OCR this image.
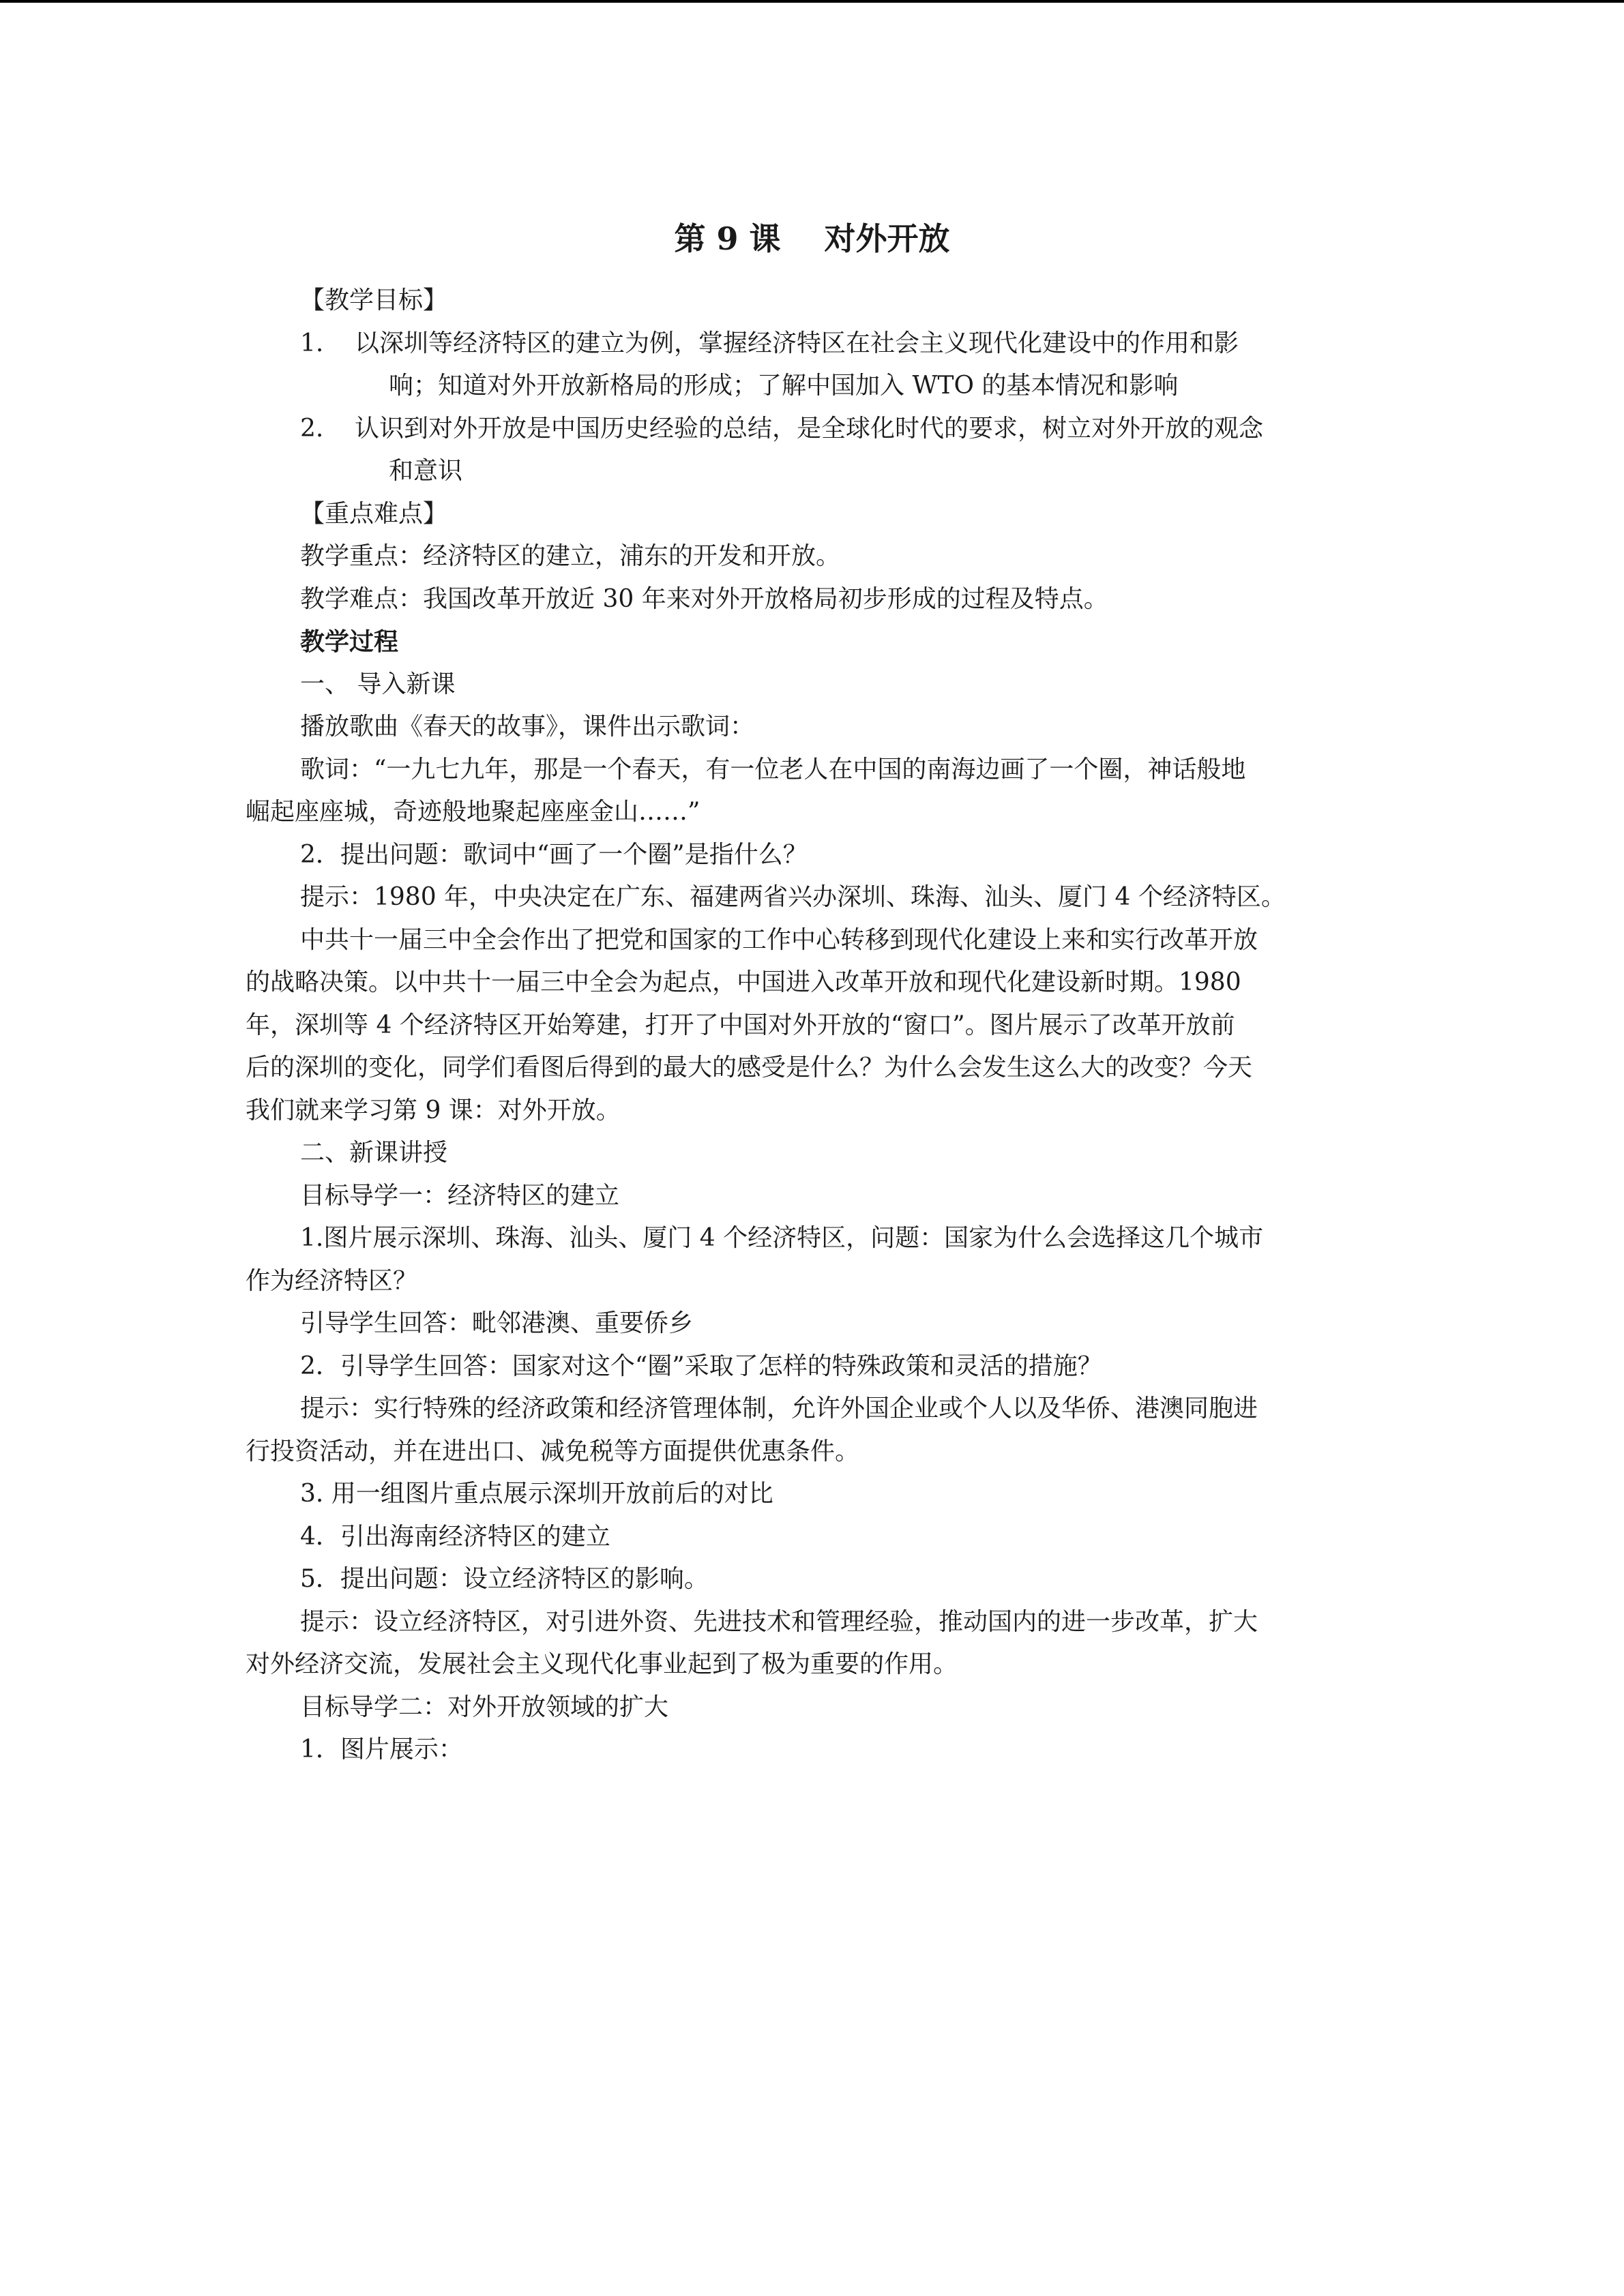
第 9 课    对外开放
【教学目标】
1. 以深圳等经济特区的建立为例，掌握经济特区在社会主义现代化建设中的作用和影
响；知道对外开放新格局的形成；了解中国加入 WTO 的基本情况和影响
2. 认识到对外开放是中国历史经验的总结，是全球化时代的要求，树立对外开放的观念
和意识
【重点难点】
教学重点：经济特区的建立，浦东的开发和开放。
教学难点：我国改革开放近 30 年来对外开放格局初步形成的过程及特点。
教学过程
一、 导入新课
播放歌曲《春天的故事》，课件出示歌词：
歌词：“一九七九年，那是一个春天，有一位老人在中国的南海边画了一个圈，神话般地
崛起座座城，奇迹般地聚起座座金山……”
2．提出问题：歌词中“画了一个圈”是指什么？
提示：1980 年，中央决定在广东、福建两省兴办深圳、珠海、汕头、厦门 4 个经济特区。
中共十一届三中全会作出了把党和国家的工作中心转移到现代化建设上来和实行改革开放
的战略决策。以中共十一届三中全会为起点，中国进入改革开放和现代化建设新时期。1980
年，深圳等 4 个经济特区开始筹建，打开了中国对外开放的“窗口”。图片展示了改革开放前
后的深圳的变化，同学们看图后得到的最大的感受是什么？为什么会发生这么大的改变？今天
我们就来学习第 9 课：对外开放。
二、新课讲授
目标导学一：经济特区的建立
1.图片展示深圳、珠海、汕头、厦门 4 个经济特区，问题：国家为什么会选择这几个城市
作为经济特区？
引导学生回答：毗邻港澳、重要侨乡
2．引导学生回答：国家对这个“圈”采取了怎样的特殊政策和灵活的措施？
提示：实行特殊的经济政策和经济管理体制，允许外国企业或个人以及华侨、港澳同胞进
行投资活动，并在进出口、减免税等方面提供优惠条件。
3. 用一组图片重点展示深圳开放前后的对比
4．引出海南经济特区的建立
5．提出问题：设立经济特区的影响。
提示：设立经济特区，对引进外资、先进技术和管理经验，推动国内的进一步改革，扩大
对外经济交流，发展社会主义现代化事业起到了极为重要的作用。
目标导学二：对外开放领域的扩大
1．图片展示：
